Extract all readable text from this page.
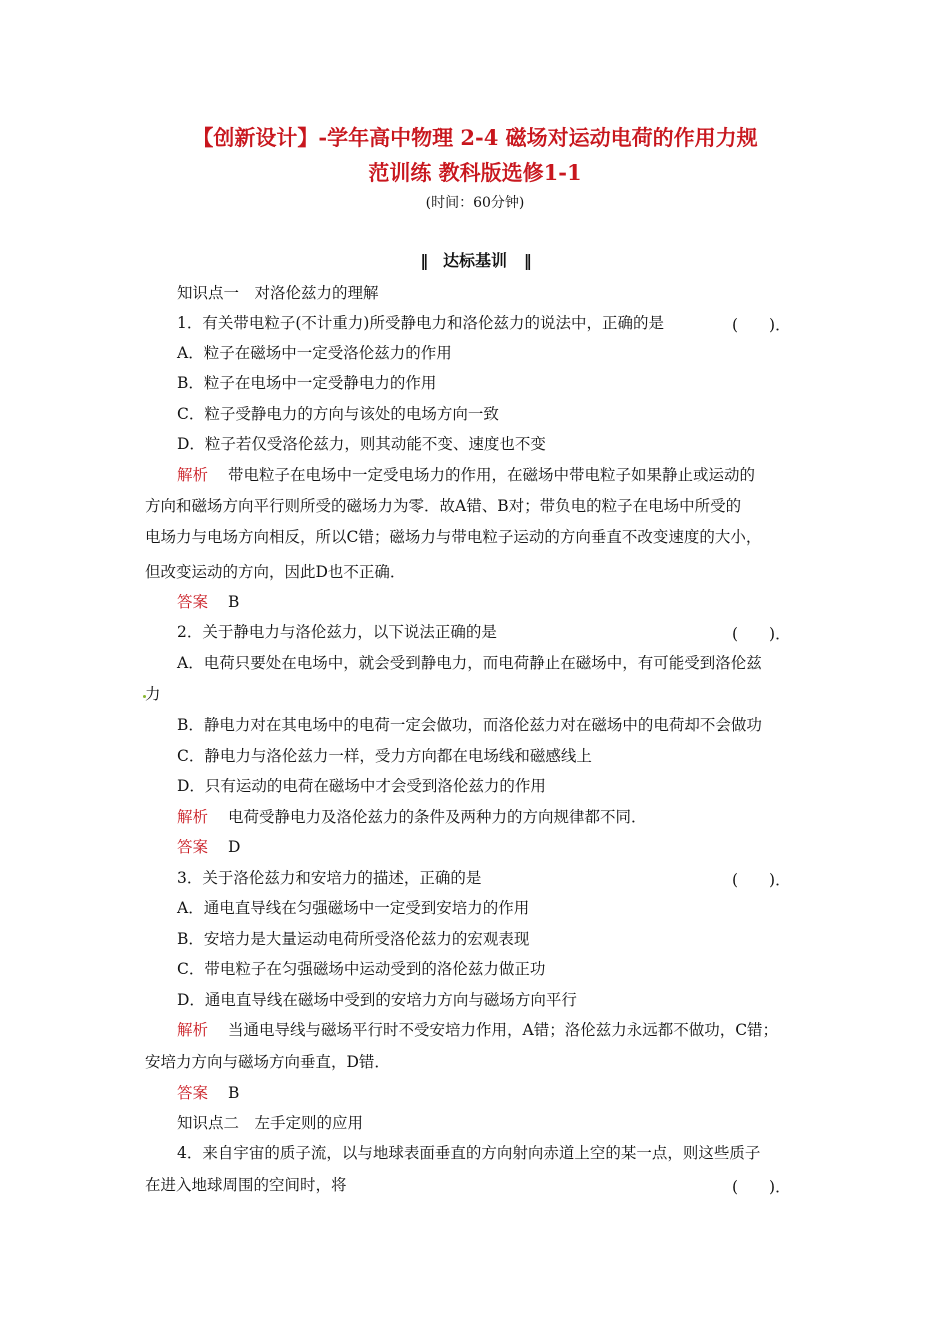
【创新设计】-学年高中物理 2-4 磁场对运动电荷的作用力规
范训练 教科版选修1-1
(时间：60分钟)
‖ 达标基训 ‖
知识点一　对洛伦兹力的理解
1．有关带电粒子(不计重力)所受静电力和洛伦兹力的说法中，正确的是	(　　)．
A．粒子在磁场中一定受洛伦兹力的作用
B．粒子在电场中一定受静电力的作用
C．粒子受静电力的方向与该处的电场方向一致
D．粒子若仅受洛伦兹力，则其动能不变、速度也不变
解析 带电粒子在电场中一定受电场力的作用，在磁场中带电粒子如果静止或运动的
方向和磁场方向平行则所受的磁场力为零．故A错、B对；带负电的粒子在电场中所受的
电场力与电场方向相反，所以C错；磁场力与带电粒子运动的方向垂直不改变速度的大小，
但改变运动的方向，因此D也不正确．
答案 B
2．关于静电力与洛伦兹力，以下说法正确的是	(　　)．
A．电荷只要处在电场中，就会受到静电力，而电荷静止在磁场中，有可能受到洛伦兹
力
B．静电力对在其电场中的电荷一定会做功，而洛伦兹力对在磁场中的电荷却不会做功
C．静电力与洛伦兹力一样，受力方向都在电场线和磁感线上
D．只有运动的电荷在磁场中才会受到洛伦兹力的作用
解析 电荷受静电力及洛伦兹力的条件及两种力的方向规律都不同．
答案 D
3．关于洛伦兹力和安培力的描述，正确的是	(　　)．
A．通电直导线在匀强磁场中一定受到安培力的作用
B．安培力是大量运动电荷所受洛伦兹力的宏观表现
C．带电粒子在匀强磁场中运动受到的洛伦兹力做正功
D．通电直导线在磁场中受到的安培力方向与磁场方向平行
解析 当通电导线与磁场平行时不受安培力作用，A错；洛伦兹力永远都不做功，C错；
安培力方向与磁场方向垂直，D错．
答案 B
知识点二　左手定则的应用
4．来自宇宙的质子流，以与地球表面垂直的方向射向赤道上空的某一点，则这些质子
在进入地球周围的空间时，将	(　　)．
